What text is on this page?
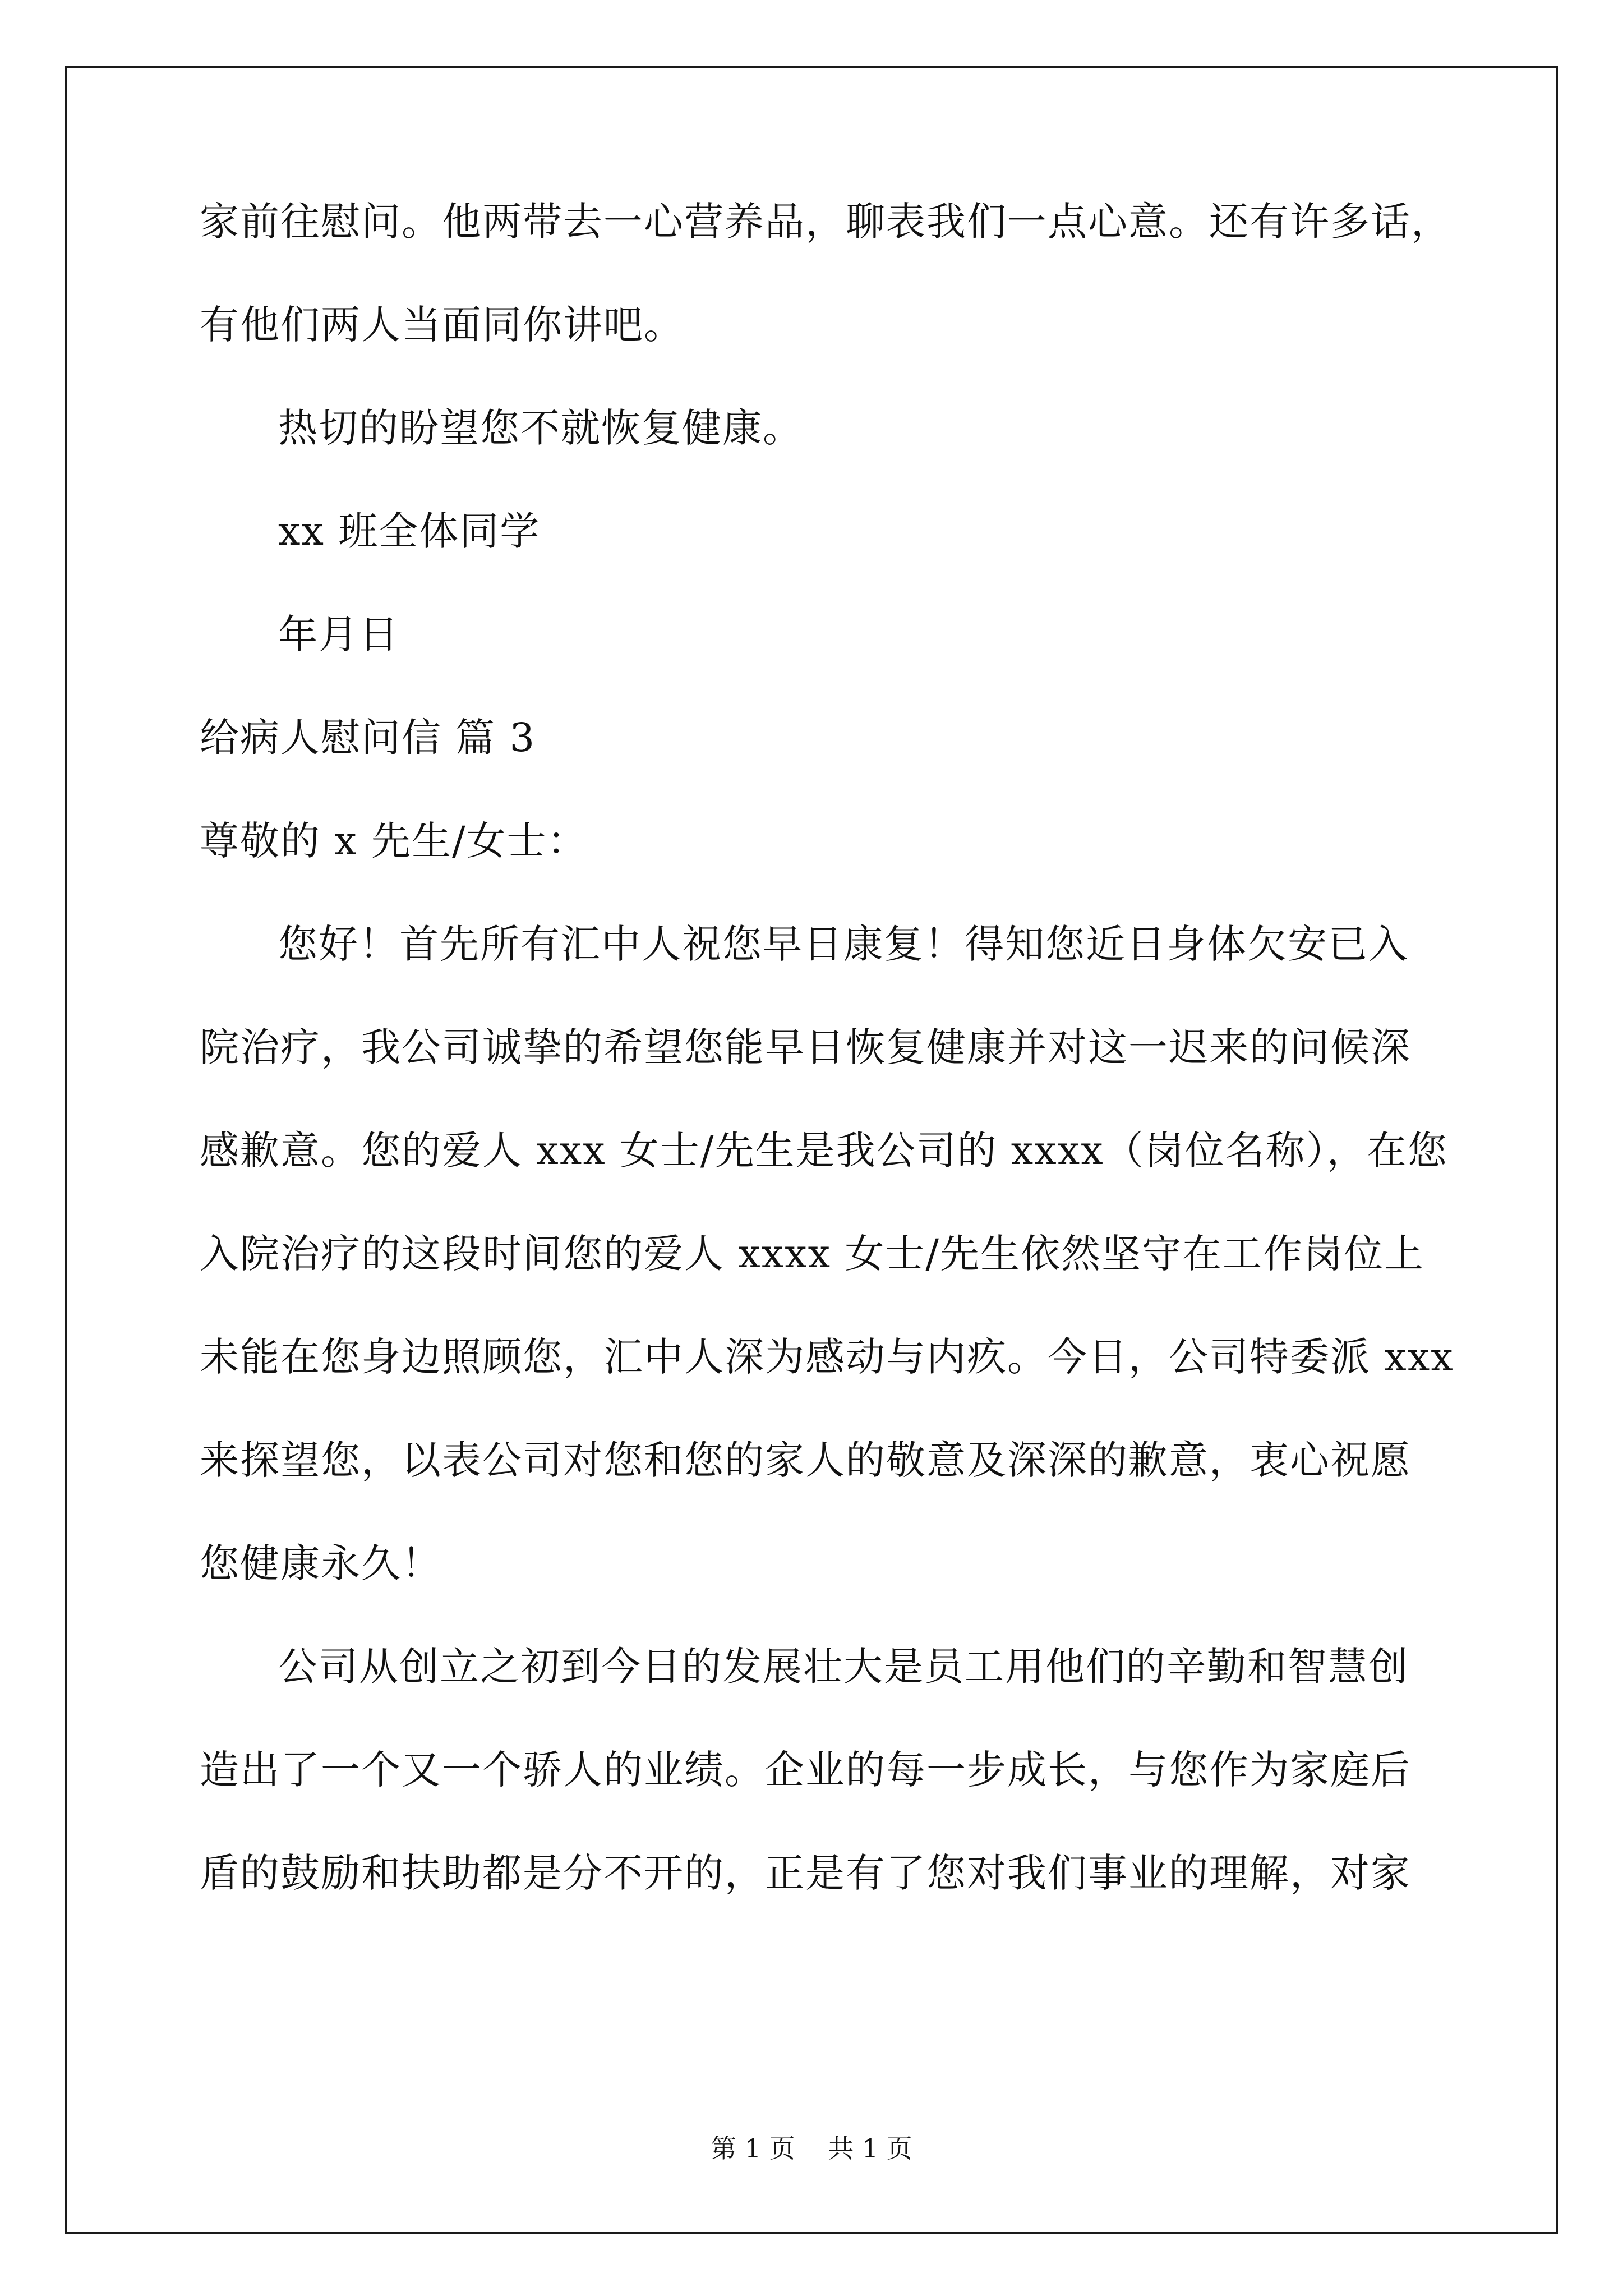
家前往慰问。他两带去一心营养品，聊表我们一点心意。还有许多话，
有他们两人当面同你讲吧。
热切的盼望您不就恢复健康。
xx 班全体同学
年月日
给病人慰问信 篇 3
尊敬的 x 先生/女士：
您好！首先所有汇中人祝您早日康复！得知您近日身体欠安已入
院治疗，我公司诚挚的希望您能早日恢复健康并对这一迟来的问候深
感歉意。您的爱人 xxx 女士/先生是我公司的 xxxx（岗位名称），在您
入院治疗的这段时间您的爱人 xxxx 女士/先生依然坚守在工作岗位上
未能在您身边照顾您，汇中人深为感动与内疚。今日，公司特委派 xxx
来探望您，以表公司对您和您的家人的敬意及深深的歉意，衷心祝愿
您健康永久！
公司从创立之初到今日的发展壮大是员工用他们的辛勤和智慧创
造出了一个又一个骄人的业绩。企业的每一步成长，与您作为家庭后
盾的鼓励和扶助都是分不开的，正是有了您对我们事业的理解，对家
第 1 页    共 1 页
